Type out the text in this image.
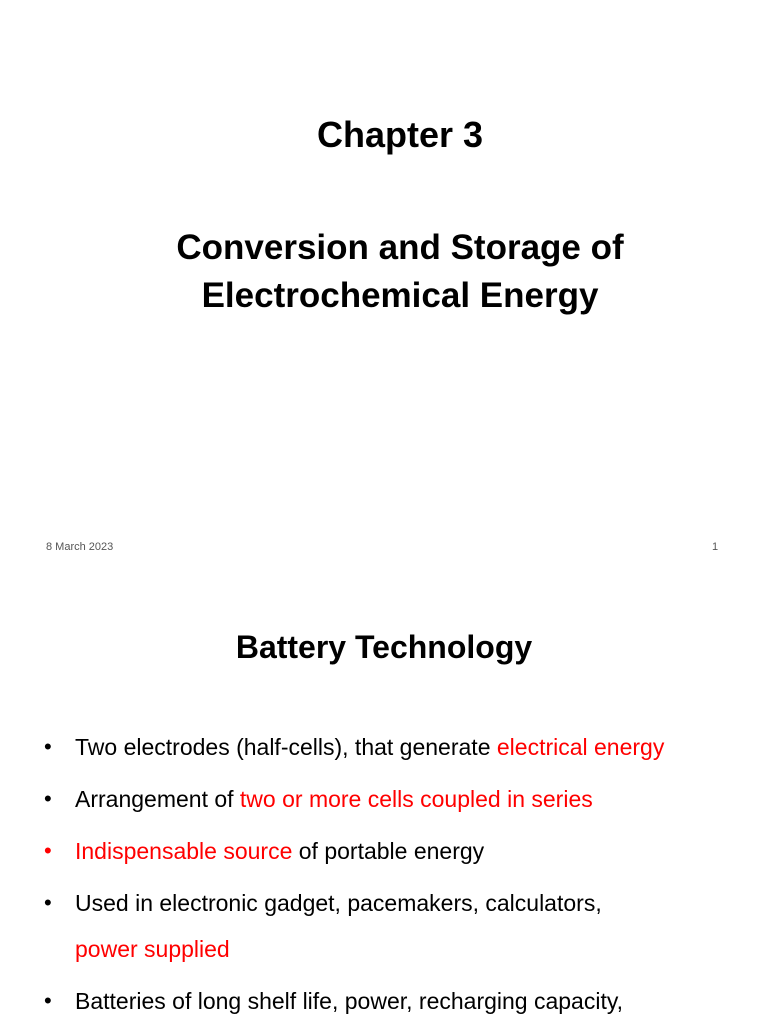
Chapter 3
Conversion and Storage of
Electrochemical Energy
8 March 2023	1
Battery Technology
• Two electrodes (half-cells), that generate electrical energy
• Arrangement of two or more cells coupled in series
• Indispensable source of portable energy
• Used in electronic gadget, pacemakers, calculators,
power supplied
• Batteries of long shelf life, power, recharging capacity,
